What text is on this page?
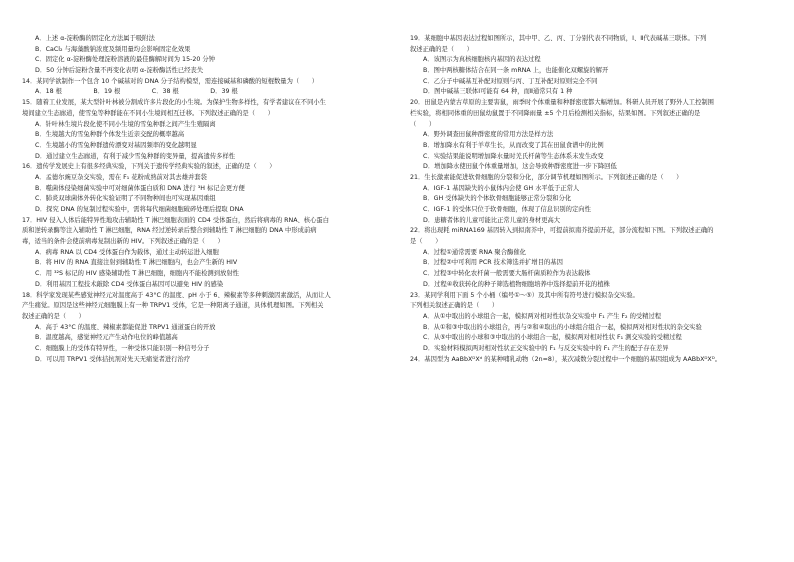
A．上述 α-淀粉酶的固定化方法属于吸附法
B．CaCl₂ 与海藻酸钠浓度及频用量均会影响固定化效果
C．固定化 α-淀粉酶处理淀粉溶液的最佳酶解时间为 15-20 分钟
D．50 分钟后淀粉含量不再变化表明 α-淀粉酶活性已经丧失
14．某同学欲制作一个包含 10 个碱基对的 DNA 分子结构模型，需连接碱基和磷酸的短棍数量为（　　）
A．18 根　　　　　B．19 根　　　　　C．38 根　　　　　D．39 根
15．随着工业发展，某大型针叶林被分割成许多片段化的小生境。为保护生物多样性，有学者建议在不同小生
境间建立生态廊道，使雪兔等种群能在不同小生境间相互迁移。下列叙述正确的是（　　）
A．针叶林生境片段化使不同小生境的雪兔种群之间产生生殖隔离
B．生境越大的雪兔种群个体发生近亲交配的概率越高
C．生境越小的雪兔种群遗传漂变对基因频率的变化越明显
D．通过建立生态廊道，有利于减少雪兔种群的变异量，提高遗传多样性
16．遗传学发展史上有很多经典实验，下列关于遗传学经典实验的叙述，正确的是（　　）
A．孟德尔豌豆杂交实验，需在 F₁ 花粉成熟前对其去雄并套袋
B．噬菌体侵染细菌实验中可对细菌体蛋白质和 DNA 进行 ³H 标记会更方便
C．肺炎双球菌体外转化实验证明了不同物种间也可实现基因重组
D．探究 DNA 的复制过程实验中，需将每代细菌细胞破碎处理后提取 DNA
17．HIV 侵入人体后能特异性地攻击辅助性 T 淋巴细胞表面的 CD4 受体蛋白，然后将病毒的 RNA、核心蛋白
质和逆转录酶等注入辅助性 T 淋巴细胞，RNA 经过逆转录后整合到辅助性 T 淋巴细胞的 DNA 中形成前病
毒，适当的条件会使前病毒复制出新的 HIV。下列叙述正确的是（　　）
A．病毒 RNA 以 CD4 受体蛋白作为载体，通过主动转运进入细胞
B．将 HIV 的 RNA 直接注射到辅助性 T 淋巴细胞内，也会产生新的 HIV
C．用 ³²S 标记的 HIV 感染辅助性 T 淋巴细胞，细胞内不能检测到放射性
D．利用基因工程技术敲除 CD4 受体蛋白基因可以避免 HIV 的感染
18．科学家发现某些感觉神经元对温度高于 43°C 的温度、pH 小于 6、辣椒素等多种刺激因素激活，从而让人
产生痛觉。原因是这些神经元细胞膜上有一种 TRPV1 受体，它是一种阳离子通道，具体机理如图。下列相关
叙述正确的是（　　）
A．高于 43°C 的温度、辣椒素都能促进 TRPV1 通道蛋白的开放
B．温度越高，感觉神经元产生动作电位的峰值越高
C．细胞膜上的受体有特异性，一种受体只能识别一种信号分子
D．可以用 TRPV1 受体拮抗剂对先天无痛觉者进行治疗
19．某细胞中基因表达过程如图所示，其中甲、乙、丙、丁分别代表不同物质，Ⅰ、Ⅱ代表碱基三联体。下列
叙述正确的是（　　）
A．该图示为真核细胞核内基因的表达过程
B．图中两核糖体结合在同一条 mRNA 上，也能催化双螺旋的解开
C．乙分子中碱基互补配对原则与丙、丁互补配对原则完全不同
D．图中碱基三联体Ⅰ可能有 64 种，而Ⅱ通常只有 1 种
20．田鼠是内蒙古草原的主要害鼠，雨季时个体重量和种群密度都大幅增加。科研人员开展了野外人工控制围
栏实验，将相同体重的田鼠幼鼠置于不同降雨量 ±5 个月后检测相关指标，结果如图。下列叙述正确的是
（　　）
A．野外调查田鼠种群密度的常用方法是样方法
B．增加降水有利于羊草生长，从而改变了其在田鼠食谱中的比例
C．实验结果能说明增加降水量时羌氏杆菌等生态体系未发生改变
D．增加降水使田鼠个体重量增加，这会导致种群密度进一步下降回低
21．生长激素能促进软骨细胞的分裂和分化，部分调节机理如图所示。下列叙述正确的是（　　）
A．IGF-1 基因缺失的小鼠体内会使 GH 水平低于正常人
B．GH 受体缺失的个体软骨细胞能够正常分裂和分化
C．IGF-1 的受体只位于软骨细胞，体现了信息识别的定向性
D．患糖者体的儿童可能比正常儿童的身材更高大
22．将出现耗 miRNA169 基因转入到拟南芥中，可提前拟南芥提前开花，部分流程如下图。下列叙述正确的
是（　　）
A．过程①通常需要 RNA 聚合酶催化
B．过程②中可利用 PCR 技术筛选并扩增目的基因
C．过程③中转化农杆菌一般需要大肠杆菌质粒作为表达载体
D．过程④收获转化的种子筛选植物细胞培养中选择提前开花的植株
23．某同学利用下面 5 个小桶（编号①～⑤）及其中所有符号进行模拟杂交实验。
下列相关叙述正确的是（　　）
A．从①中取出的小球组合一起，模拟两对相对性状杂交实验中 F₁ 产生 F₂ 的受精过程
B．从①和③中取出的小球组合，再与②和④取出的小球组合组合一起，模拟两对相对性状的杂交实验
C．从⑤中取出的小球和③中取出的小球组合一起，模拟两对相对性状 F₁ 测交实验的受精过程
D．实验材料模拟两对相对性状正交实验中的 F₁ 与反交实验中的 F₁ 产生的配子存在差异
24．基因型为 AaBbXᴰXᵈ 的某种哺乳动物（2n=8），某次减数分裂过程中一个细胞的基因组成为 AABbXᴰXᴰ。
